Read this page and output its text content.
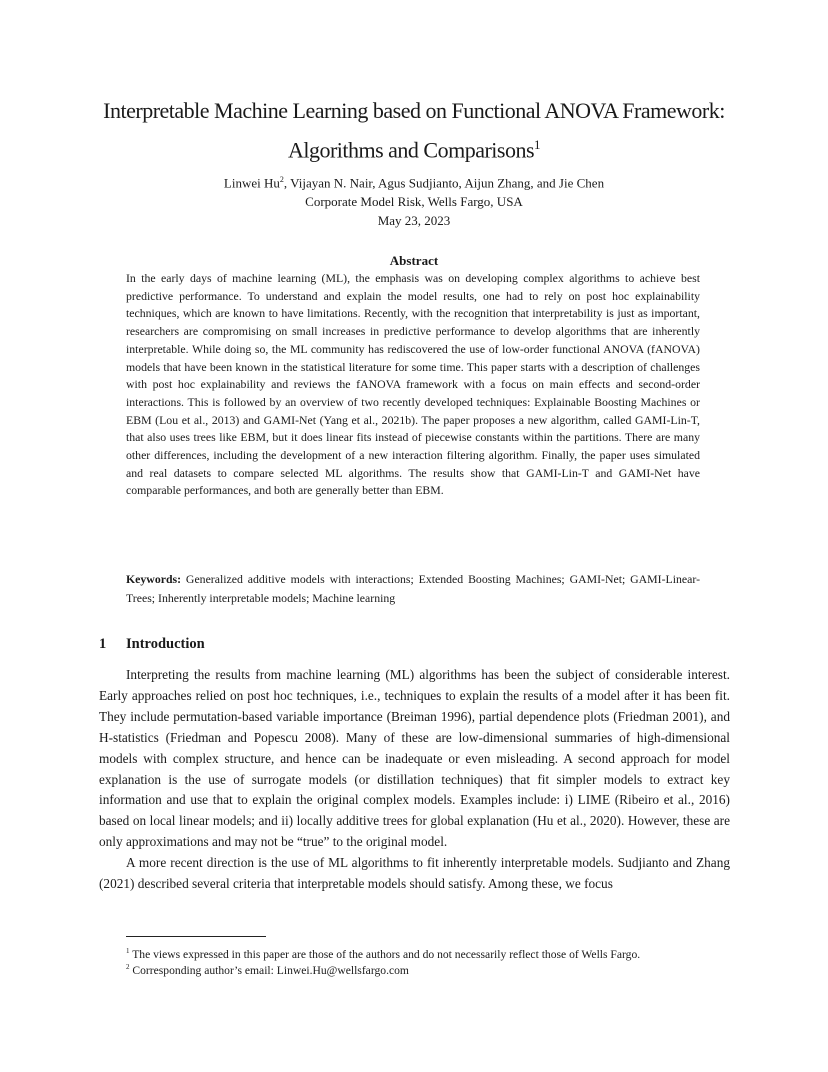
Interpretable Machine Learning based on Functional ANOVA Framework:
Algorithms and Comparisons$^1$
Linwei Hu$^2$, Vijayan N. Nair, Agus Sudjianto, Aijun Zhang, and Jie Chen
Corporate Model Risk, Wells Fargo, USA
May 23, 2023
Abstract
In the early days of machine learning (ML), the emphasis was on developing complex algorithms to achieve best predictive performance. To understand and explain the model results, one had to rely on post hoc explainability techniques, which are known to have limitations. Recently, with the recognition that interpretability is just as important, researchers are compromising on small increases in predictive performance to develop algorithms that are inherently interpretable. While doing so, the ML community has rediscovered the use of low-order functional ANOVA (fANOVA) models that have been known in the statistical literature for some time. This paper starts with a description of challenges with post hoc explainability and reviews the fANOVA framework with a focus on main effects and second-order interactions. This is followed by an overview of two recently developed techniques: Explainable Boosting Machines or EBM (Lou et al., 2013) and GAMI-Net (Yang et al., 2021b). The paper proposes a new algorithm, called GAMI-Lin-T, that also uses trees like EBM, but it does linear fits instead of piecewise constants within the partitions. There are many other differences, including the development of a new interaction filtering algorithm. Finally, the paper uses simulated and real datasets to compare selected ML algorithms. The results show that GAMI-Lin-T and GAMI-Net have comparable performances, and both are generally better than EBM.
Keywords: Generalized additive models with interactions; Extended Boosting Machines; GAMI-Net; GAMI-Linear-Trees; Inherently interpretable models; Machine learning
1 Introduction

Interpreting the results from machine learning (ML) algorithms has been the subject of considerable interest. Early approaches relied on post hoc techniques, i.e., techniques to explain the results of a model after it has been fit. They include permutation-based variable importance (Breiman 1996), partial dependence plots (Friedman 2001), and H-statistics (Friedman and Popescu 2008). Many of these are low-dimensional summaries of high-dimensional models with complex structure, and hence can be inadequate or even misleading. A second approach for model explanation is the use of surrogate models (or distillation techniques) that fit simpler models to extract key information and use that to explain the original complex models. Examples include: i) LIME (Ribeiro et al., 2016) based on local linear models; and ii) locally additive trees for global explanation (Hu et al., 2020). However, these are only approximations and may not be “true” to the original model.

A more recent direction is the use of ML algorithms to fit inherently interpretable models. Sudjianto and Zhang (2021) described several criteria that interpretable models should satisfy. Among these, we focus

$^1$ The views expressed in this paper are those of the authors and do not necessarily reflect those of Wells Fargo.
$^2$ Corresponding author’s email: Linwei.Hu@wellsfargo.com
